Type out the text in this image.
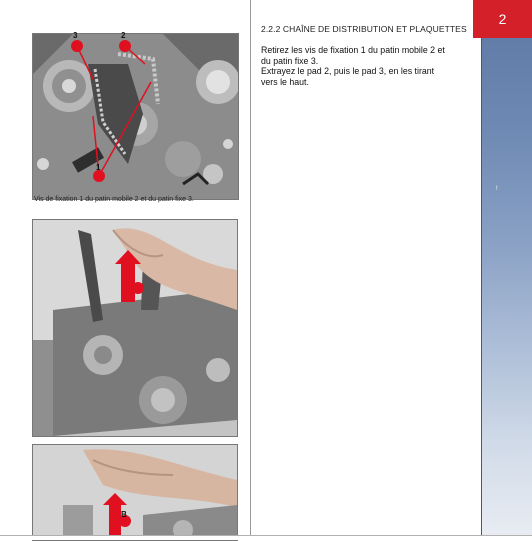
2
!
2.2.2 CHAÎNE DE DISTRIBUTION ET PLAQUETTES
Retirez les vis de fixation 1 du patin mobile 2 et
du patin fixe 3.
Extrayez le pad 2, puis le pad 3, en les tirant
vers le haut.
3	2
1
Vis de fixation 1 du patin mobile 2 et du patin fixe 3.
B
